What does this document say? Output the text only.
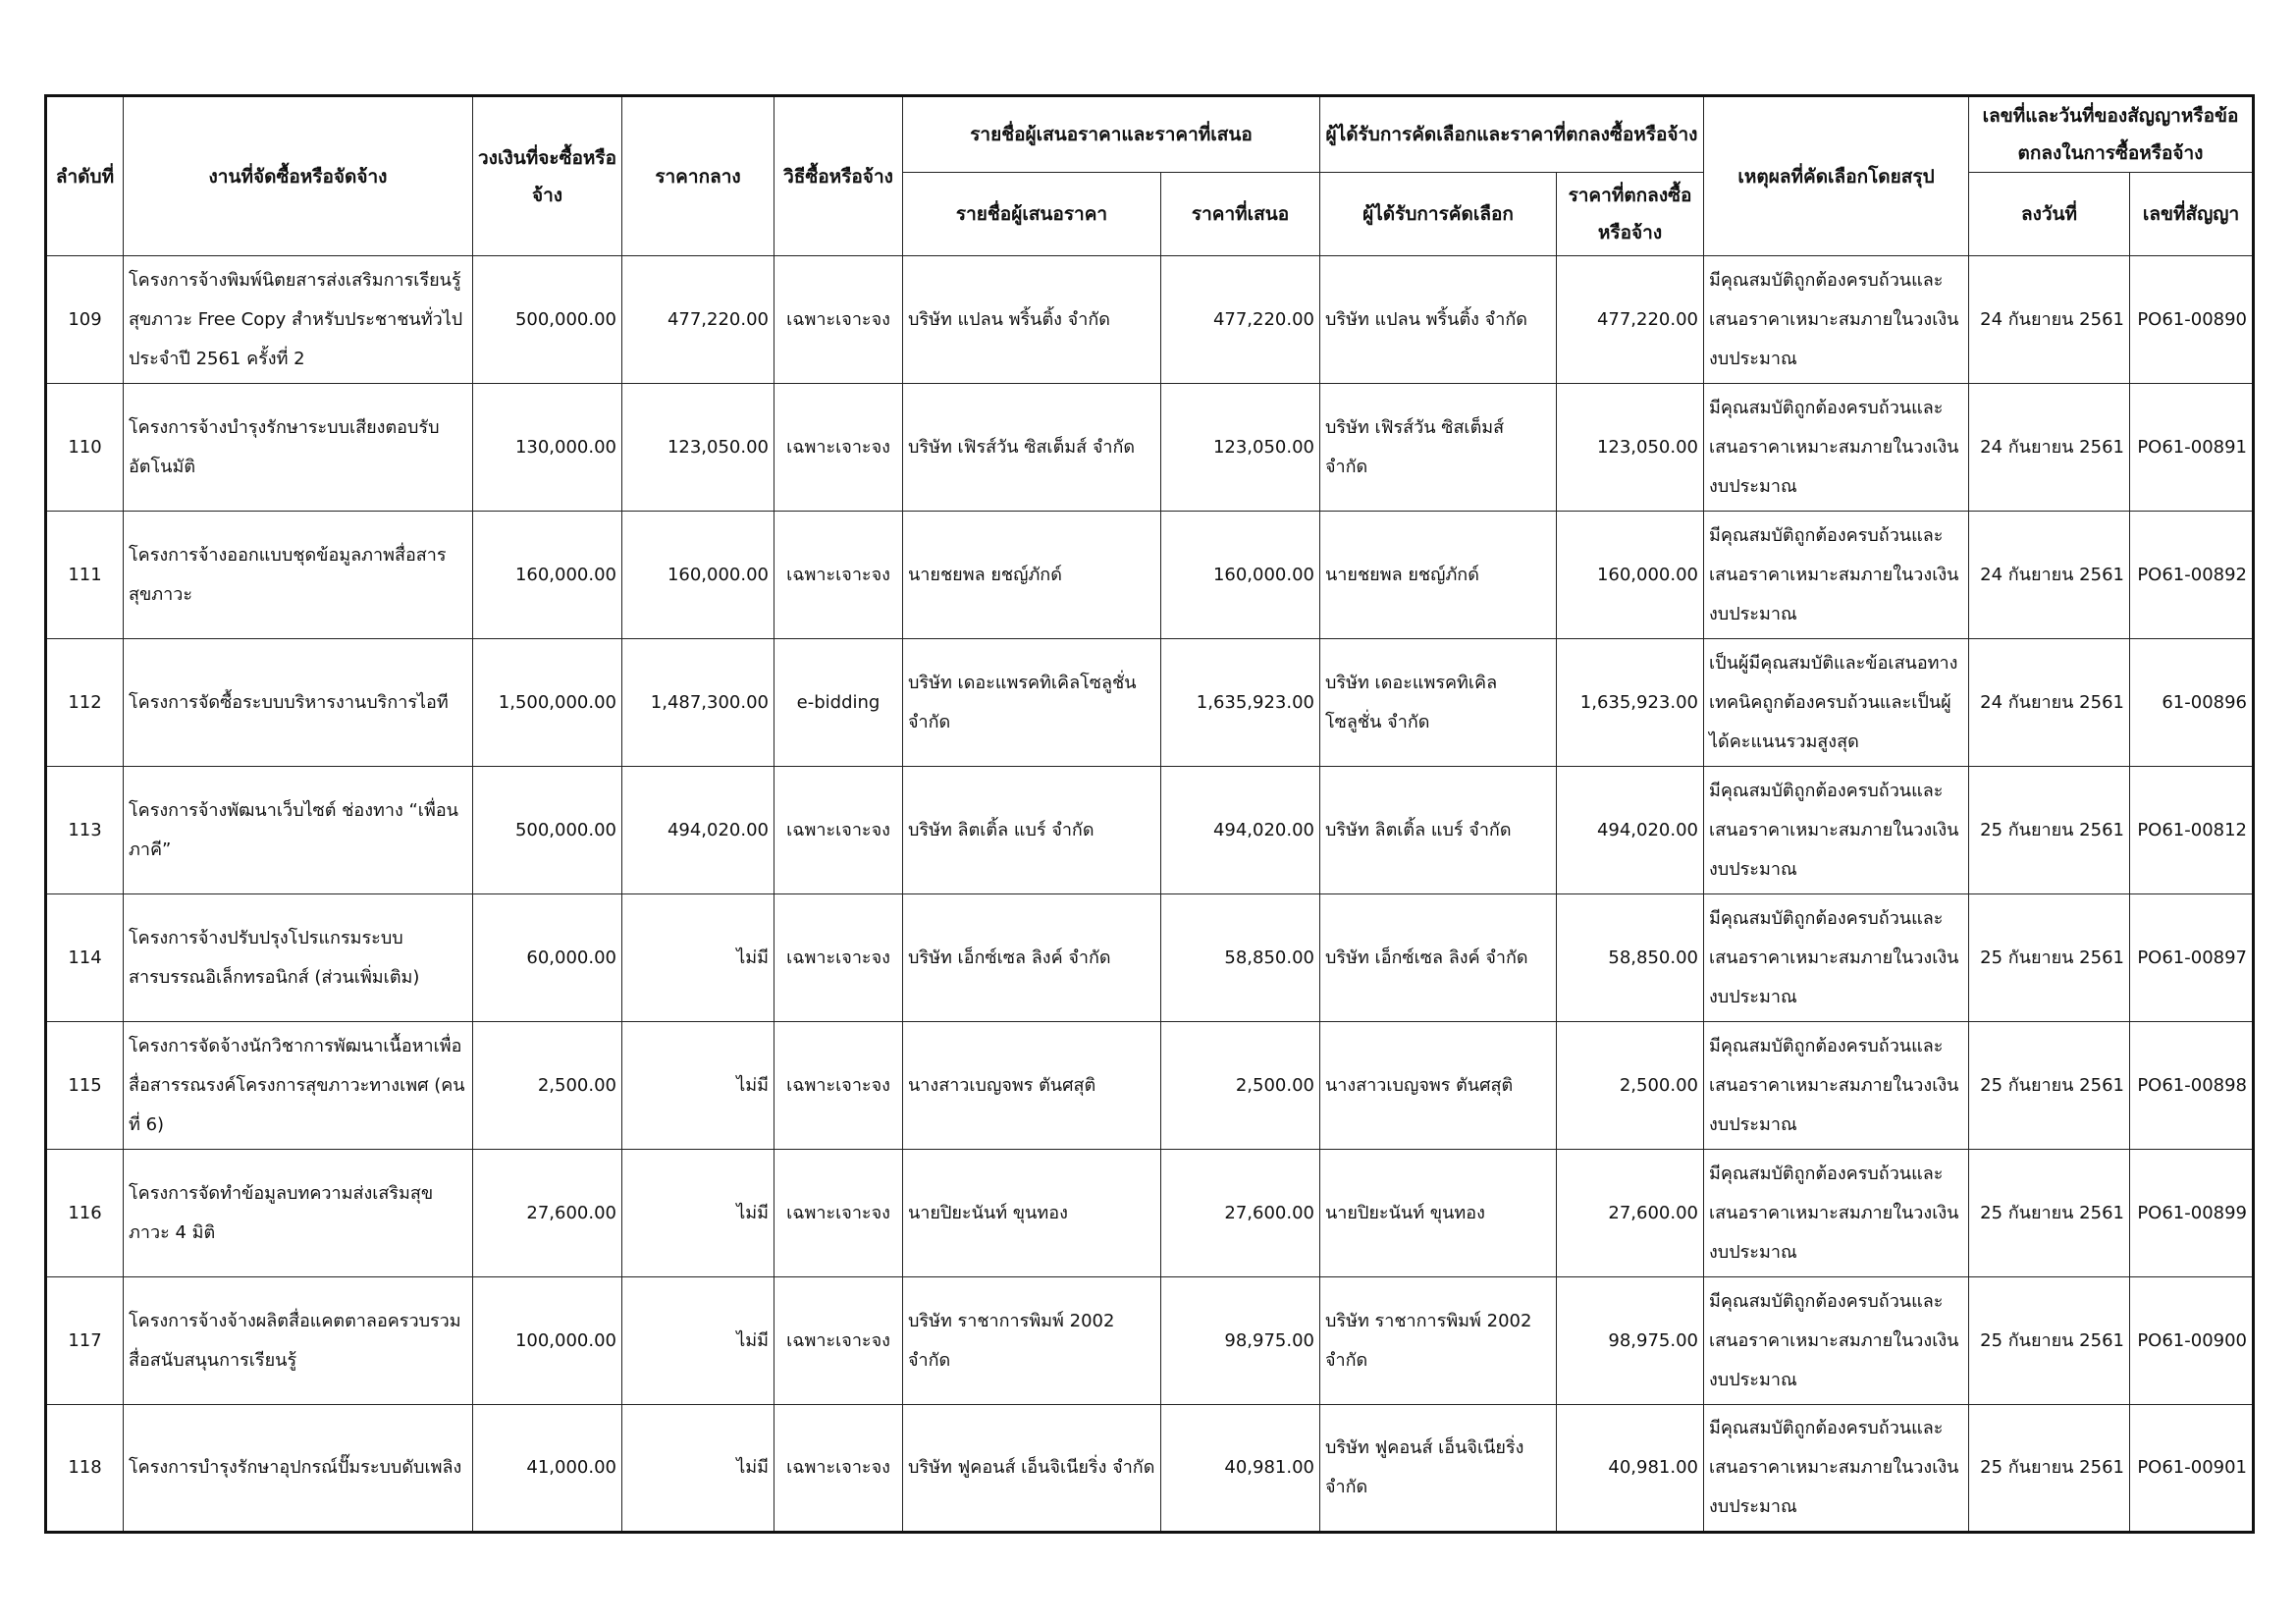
ลำดับที่	งานที่จัดซื้อหรือจัดจ้าง	วงเงินที่จะซื้อหรือจ้าง	ราคากลาง	วิธีซื้อหรือจ้าง	รายชื่อผู้เสนอราคาและราคาที่เสนอ		ผู้ได้รับการคัดเลือกและราคาที่ตกลงซื้อหรือจ้าง		เหตุผลที่คัดเลือกโดยสรุป	เลขที่และวันที่ของสัญญาหรือข้อตกลงในการซื้อหรือจ้าง	
					รายชื่อผู้เสนอราคา	ราคาที่เสนอ	ผู้ได้รับการคัดเลือก	ราคาที่ตกลงซื้อหรือจ้าง		ลงวันที่	เลขที่สัญญา
109	โครงการจ้างพิมพ์นิตยสารส่งเสริมการเรียนรู้สุขภาวะ Free Copy สำหรับประชาชนทั่วไป ประจำปี 2561 ครั้งที่ 2	500,000.00	477,220.00	เฉพาะเจาะจง	บริษัท แปลน พริ้นติ้ง จำกัด	477,220.00	บริษัท แปลน พริ้นติ้ง จำกัด	477,220.00	มีคุณสมบัติถูกต้องครบถ้วนและเสนอราคาเหมาะสมภายในวงเงินงบประมาณ	24 กันยายน 2561	PO61-00890
110	โครงการจ้างบำรุงรักษาระบบเสียงตอบรับอัตโนมัติ	130,000.00	123,050.00	เฉพาะเจาะจง	บริษัท เฟิรส์วัน ซิสเต็มส์ จำกัด	123,050.00	บริษัท เฟิรส์วัน ซิสเต็มส์ จำกัด	123,050.00	มีคุณสมบัติถูกต้องครบถ้วนและเสนอราคาเหมาะสมภายในวงเงินงบประมาณ	24 กันยายน 2561	PO61-00891
111	โครงการจ้างออกแบบชุดข้อมูลภาพสื่อสารสุขภาวะ	160,000.00	160,000.00	เฉพาะเจาะจง	นายชยพล ยชญ์ภักด์	160,000.00	นายชยพล ยชญ์ภักด์	160,000.00	มีคุณสมบัติถูกต้องครบถ้วนและเสนอราคาเหมาะสมภายในวงเงินงบประมาณ	24 กันยายน 2561	PO61-00892
112	โครงการจัดซื้อระบบบริหารงานบริการไอที	1,500,000.00	1,487,300.00	e-bidding	บริษัท เดอะแพรคทิเคิลโซลูชั่น จำกัด	1,635,923.00	บริษัท เดอะแพรคทิเคิล โซลูชั่น จำกัด	1,635,923.00	เป็นผู้มีคุณสมบัติและข้อเสนอทางเทคนิคถูกต้องครบถ้วนและเป็นผู้ได้คะแนนรวมสูงสุด	24 กันยายน 2561	61-00896
113	โครงการจ้างพัฒนาเว็บไซต์ ช่องทาง “เพื่อนภาคี”	500,000.00	494,020.00	เฉพาะเจาะจง	บริษัท ลิตเติ้ล แบร์ จำกัด	494,020.00	บริษัท ลิตเติ้ล แบร์ จำกัด	494,020.00	มีคุณสมบัติถูกต้องครบถ้วนและเสนอราคาเหมาะสมภายในวงเงินงบประมาณ	25 กันยายน 2561	PO61-00812
114	โครงการจ้างปรับปรุงโปรแกรมระบบสารบรรณอิเล็กทรอนิกส์ (ส่วนเพิ่มเติม)	60,000.00	ไม่มี	เฉพาะเจาะจง	บริษัท เอ็กซ์เซล ลิงค์ จำกัด	58,850.00	บริษัท เอ็กซ์เซล ลิงค์ จำกัด	58,850.00	มีคุณสมบัติถูกต้องครบถ้วนและเสนอราคาเหมาะสมภายในวงเงินงบประมาณ	25 กันยายน 2561	PO61-00897
115	โครงการจัดจ้างนักวิชาการพัฒนาเนื้อหาเพื่อสื่อสารรณรงค์โครงการสุขภาวะทางเพศ (คนที่ 6)	2,500.00	ไม่มี	เฉพาะเจาะจง	นางสาวเบญจพร ตันศสุติ	2,500.00	นางสาวเบญจพร ตันศสุติ	2,500.00	มีคุณสมบัติถูกต้องครบถ้วนและเสนอราคาเหมาะสมภายในวงเงินงบประมาณ	25 กันยายน 2561	PO61-00898
116	โครงการจัดทำข้อมูลบทความส่งเสริมสุขภาวะ 4 มิติ	27,600.00	ไม่มี	เฉพาะเจาะจง	นายปิยะนันท์ ขุนทอง	27,600.00	นายปิยะนันท์ ขุนทอง	27,600.00	มีคุณสมบัติถูกต้องครบถ้วนและเสนอราคาเหมาะสมภายในวงเงินงบประมาณ	25 กันยายน 2561	PO61-00899
117	โครงการจ้างจ้างผลิตสื่อแคตตาลอครวบรวมสื่อสนับสนุนการเรียนรู้	100,000.00	ไม่มี	เฉพาะเจาะจง	บริษัท ราชาการพิมพ์ 2002 จำกัด	98,975.00	บริษัท ราชาการพิมพ์ 2002 จำกัด	98,975.00	มีคุณสมบัติถูกต้องครบถ้วนและเสนอราคาเหมาะสมภายในวงเงินงบประมาณ	25 กันยายน 2561	PO61-00900
118	โครงการบำรุงรักษาอุปกรณ์ปั๊มระบบดับเพลิง	41,000.00	ไม่มี	เฉพาะเจาะจง	บริษัท ฟูคอนส์ เอ็นจิเนียริ่ง จำกัด	40,981.00	บริษัท ฟูคอนส์ เอ็นจิเนียริ่ง จำกัด	40,981.00	มีคุณสมบัติถูกต้องครบถ้วนและเสนอราคาเหมาะสมภายในวงเงินงบประมาณ	25 กันยายน 2561	PO61-00901
